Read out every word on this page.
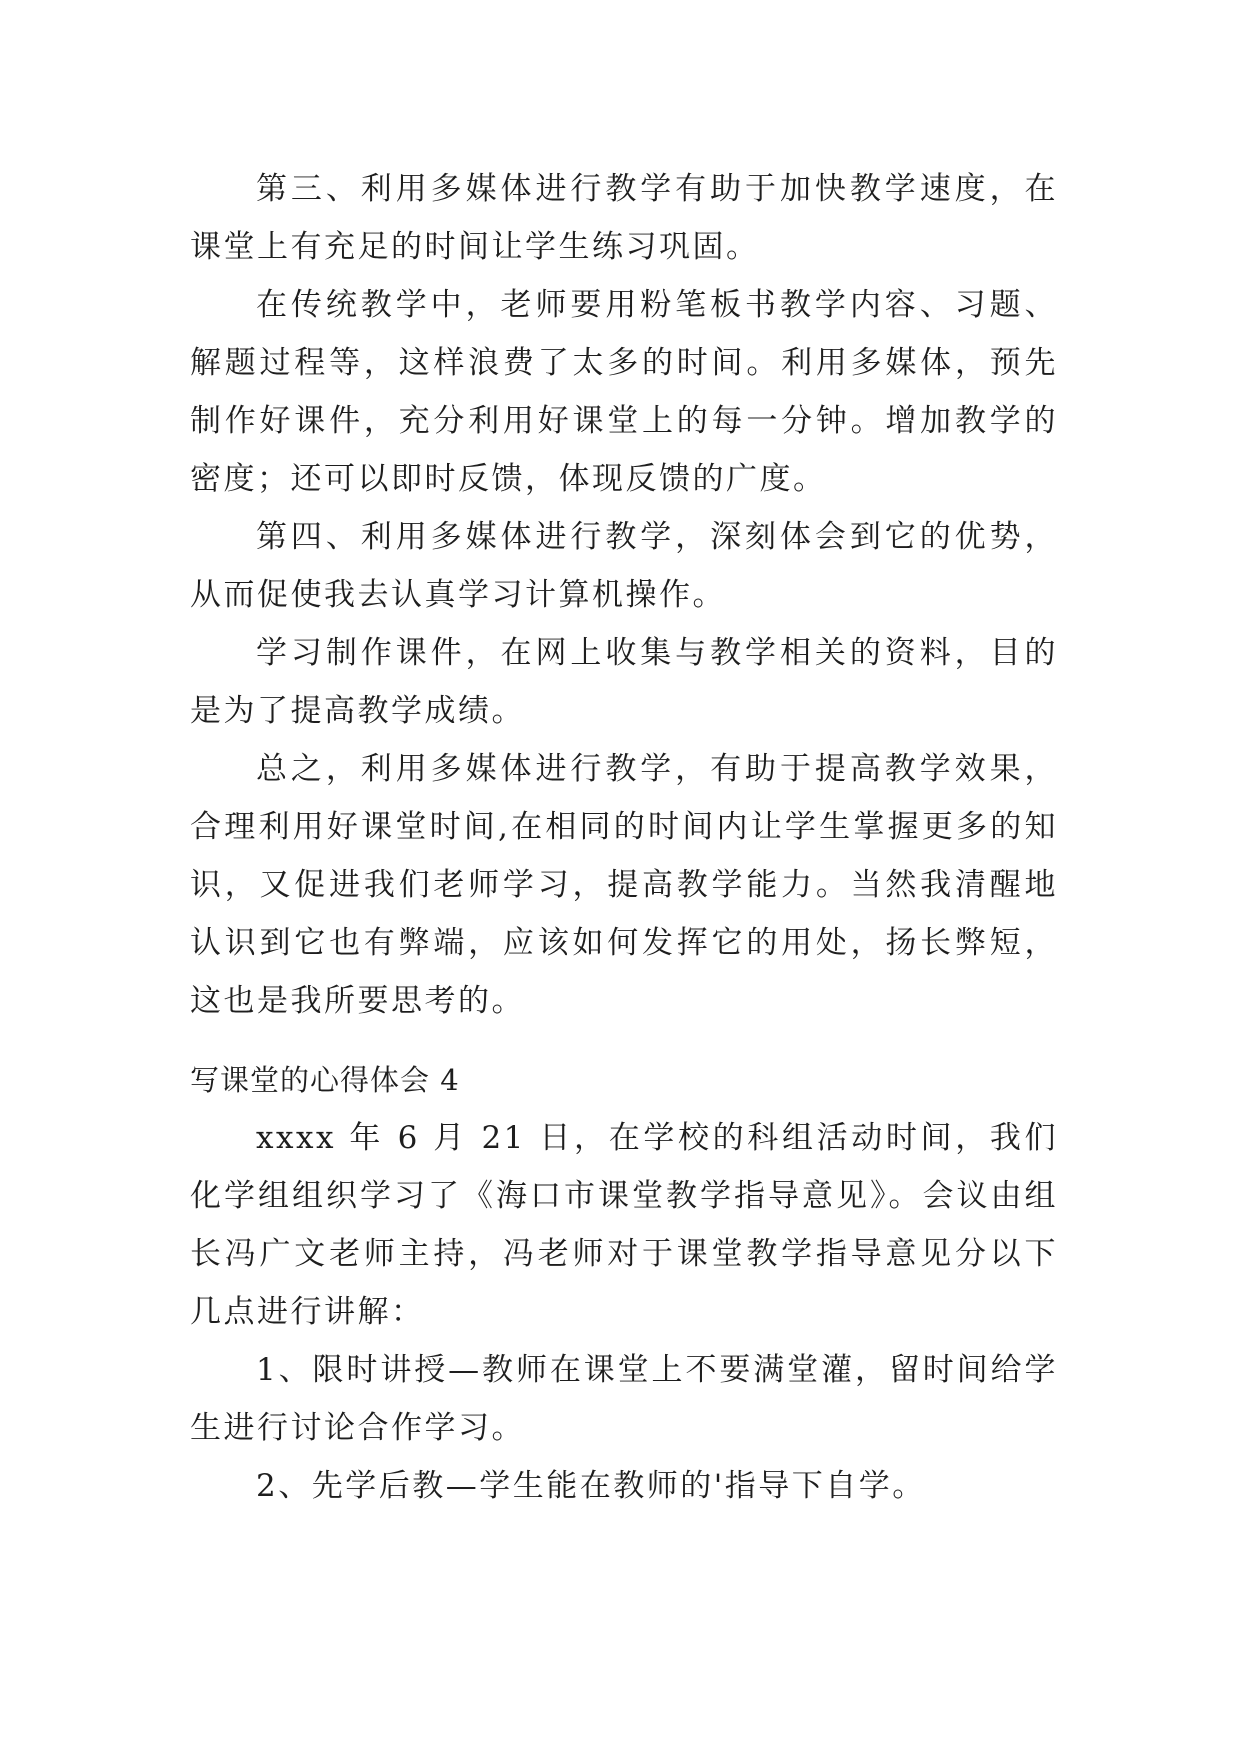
第三、利用多媒体进行教学有助于加快教学速度，在课堂上有充足的时间让学生练习巩固。

在传统教学中，老师要用粉笔板书教学内容、习题、解题过程等，这样浪费了太多的时间。利用多媒体，预先制作好课件，充分利用好课堂上的每一分钟。增加教学的密度；还可以即时反馈，体现反馈的广度。

第四、利用多媒体进行教学，深刻体会到它的优势，从而促使我去认真学习计算机操作。

学习制作课件，在网上收集与教学相关的资料，目的是为了提高教学成绩。

总之，利用多媒体进行教学，有助于提高教学效果，合理利用好课堂时间,在相同的时间内让学生掌握更多的知识，又促进我们老师学习，提高教学能力。当然我清醒地认识到它也有弊端，应该如何发挥它的用处，扬长弊短，这也是我所要思考的。

写课堂的心得体会 4

xxxx 年 6 月 21 日，在学校的科组活动时间，我们化学组组织学习了《海口市课堂教学指导意见》。会议由组长冯广文老师主持，冯老师对于课堂教学指导意见分以下几点进行讲解：

1、限时讲授—教师在课堂上不要满堂灌，留时间给学生进行讨论合作学习。

2、先学后教—学生能在教师的'指导下自学。
